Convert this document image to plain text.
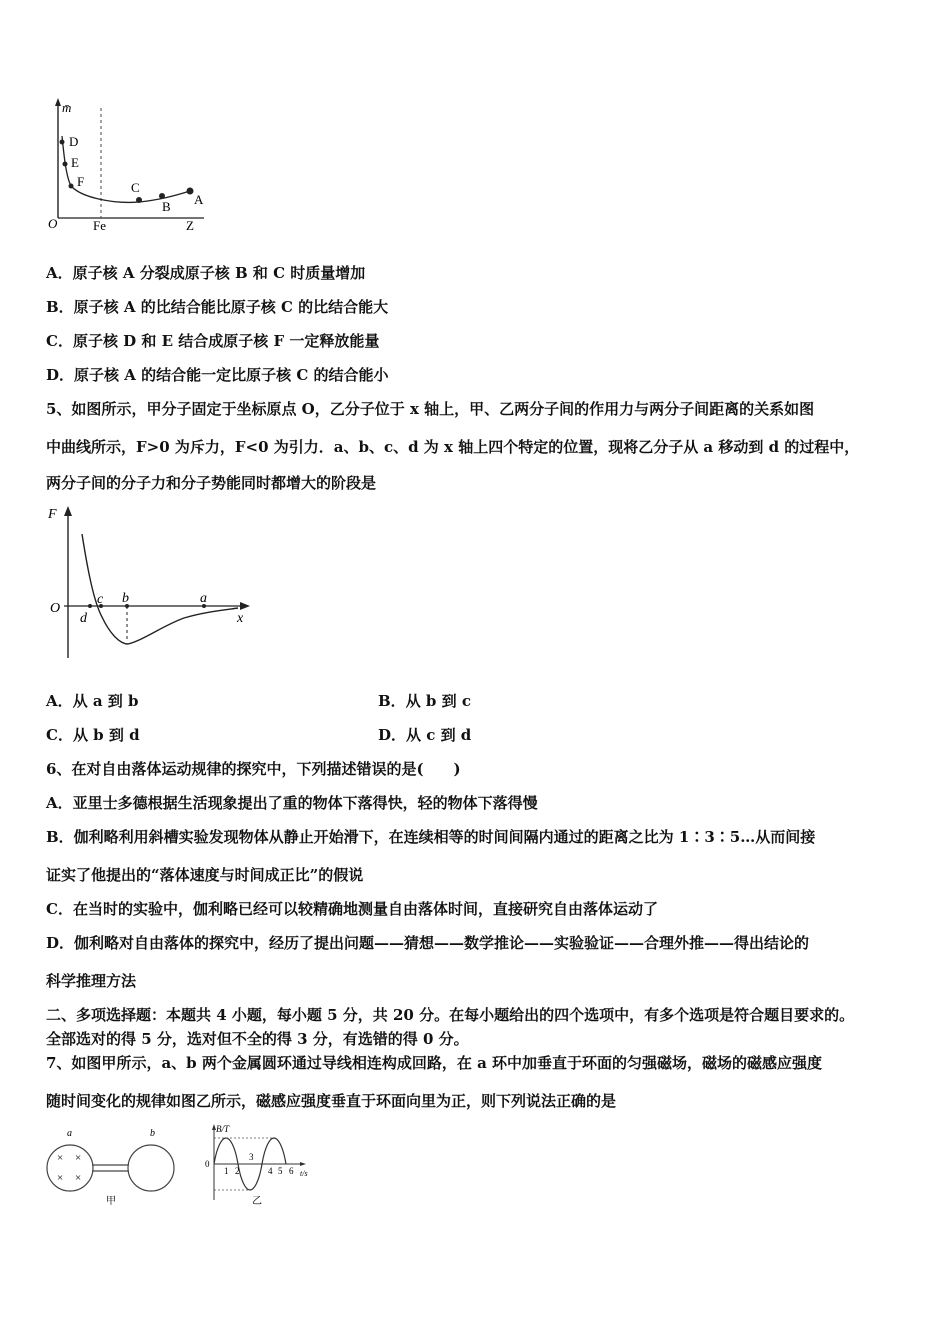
m̄
O	Fe	Z
D
E
F	C
B A
A．原子核 A 分裂成原子核 B 和 C 时质量增加
B．原子核 A 的比结合能比原子核 C 的比结合能大
C．原子核 D 和 E 结合成原子核 F 一定释放能量
D．原子核 A 的结合能一定比原子核 C 的结合能小
5、如图所示，甲分子固定于坐标原点 O，乙分子位于 x 轴上，甲、乙两分子间的作用力与两分子间距离的关系如图
中曲线所示，F>0 为斥力，F<0 为引力．a、b、c、d 为 x 轴上四个特定的位置，现将乙分子从 a 移动到 d 的过程中，
两分子间的分子力和分子势能同时都增大的阶段是
F
O
x
c b	a
d
A．从 a 到 b	B．从 b 到 c
C．从 b 到 d	D．从 c 到 d
6、在对自由落体运动规律的探究中，下列描述错误的是(　　)
A．亚里士多德根据生活现象提出了重的物体下落得快，轻的物体下落得慢
B．伽利略利用斜槽实验发现物体从静止开始滑下，在连续相等的时间间隔内通过的距离之比为 1∶3∶5…从而间接
证实了他提出的“落体速度与时间成正比”的假说
C．在当时的实验中，伽利略已经可以较精确地测量自由落体时间，直接研究自由落体运动了
D．伽利略对自由落体的探究中，经历了提出问题——猜想——数学推论——实验验证——合理外推——得出结论的
科学推理方法
二、多项选择题：本题共 4 小题，每小题 5 分，共 20 分。在每小题给出的四个选项中，有多个选项是符合题目要求的。
全部选对的得 5 分，选对但不全的得 3 分，有选错的得 0 分。
7、如图甲所示，a、b 两个金属圆环通过导线相连构成回路，在 a 环中加垂直于环面的匀强磁场，磁场的磁感应强度
随时间变化的规律如图乙所示，磁感应强度垂直于环面向里为正，则下列说法正确的是
× ×
× ×
a	b
甲
B/T
0
1 2
3
4 5 6 t/s
乙
